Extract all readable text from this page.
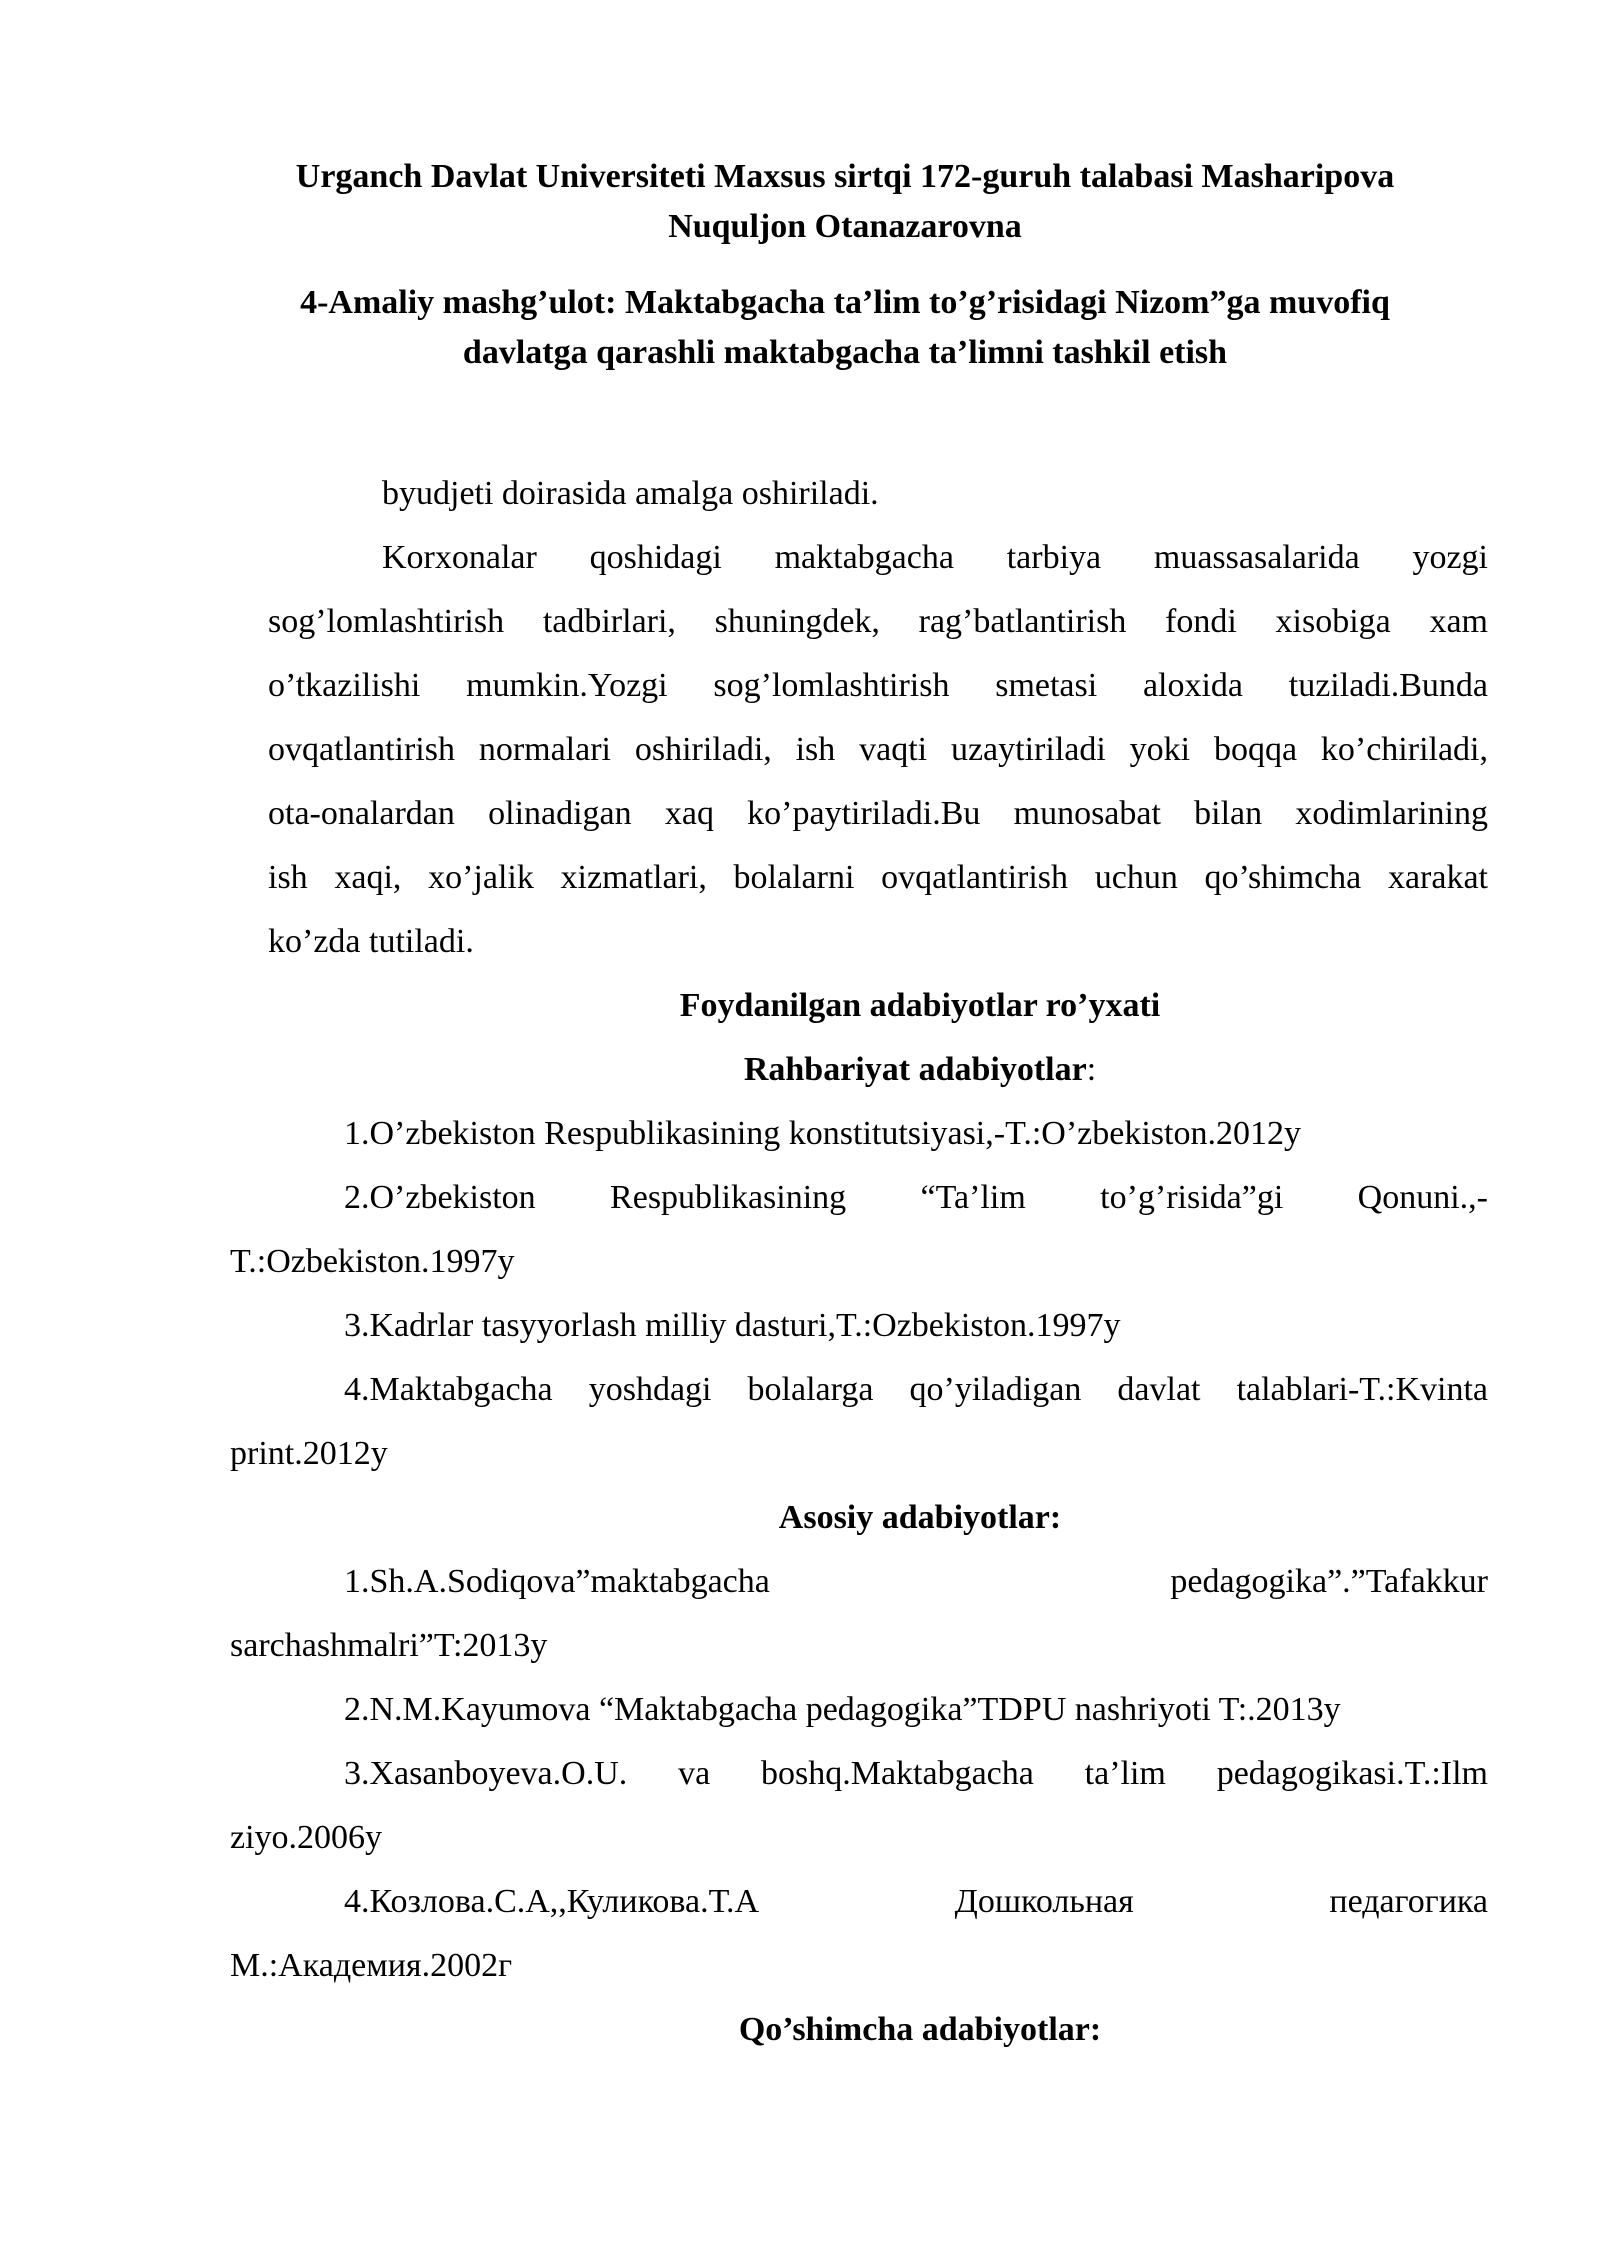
Urganch Davlat Universiteti Maxsus sirtqi 172-guruh talabasi Masharipova
Nuquljon Otanazarovna
4-Amaliy mashg’ulot: Maktabgacha ta’lim to’g’risidagi Nizom”ga muvofiq
davlatga qarashli maktabgacha ta’limni tashkil etish
byudjeti doirasida amalga oshiriladi.
Korxonalar qoshidagi maktabgacha tarbiya muassasalarida yozgi
sog’lomlashtirish tadbirlari, shuningdek, rag’batlantirish fondi xisobiga xam
o’tkazilishi mumkin.Yozgi sog’lomlashtirish smetasi aloxida tuziladi.Bunda
ovqatlantirish normalari oshiriladi, ish vaqti uzaytiriladi yoki boqqa ko’chiriladi,
ota-onalardan olinadigan xaq ko’paytiriladi.Bu munosabat bilan xodimlarining
ish xaqi, xo’jalik xizmatlari, bolalarni ovqatlantirish uchun qo’shimcha xarakat
ko’zda tutiladi.
Foydanilgan adabiyotlar ro’yxati
Rahbariyat adabiyotlar:
1.O’zbekiston Respublikasining konstitutsiyasi,-T.:O’zbekiston.2012y
2.O’zbekiston Respublikasining “Ta’lim to’g’risida”gi Qonuni.,-
T.:Ozbekiston.1997y
3.Kadrlar tasyyorlash milliy dasturi,T.:Ozbekiston.1997y
4.Maktabgacha yoshdagi bolalarga qo’yiladigan davlat talablari-T.:Kvinta
print.2012y
Asosiy adabiyotlar:
1.Sh.A.Sodiqova”maktabgacha	pedagogika”.”Tafakkur
sarchashmalri”T:2013y
2.N.M.Kayumova “Maktabgacha pedagogika”TDPU nashriyoti T:.2013y
3.Xasanboyeva.O.U. va boshq.Maktabgacha ta’lim pedagogikasi.T.:Ilm
ziyo.2006y
4.Козлова.С.А,,Куликова.Т.А	Дошкольная	педагогика
М.:Академия.2002г
Qo’shimcha adabiyotlar:
